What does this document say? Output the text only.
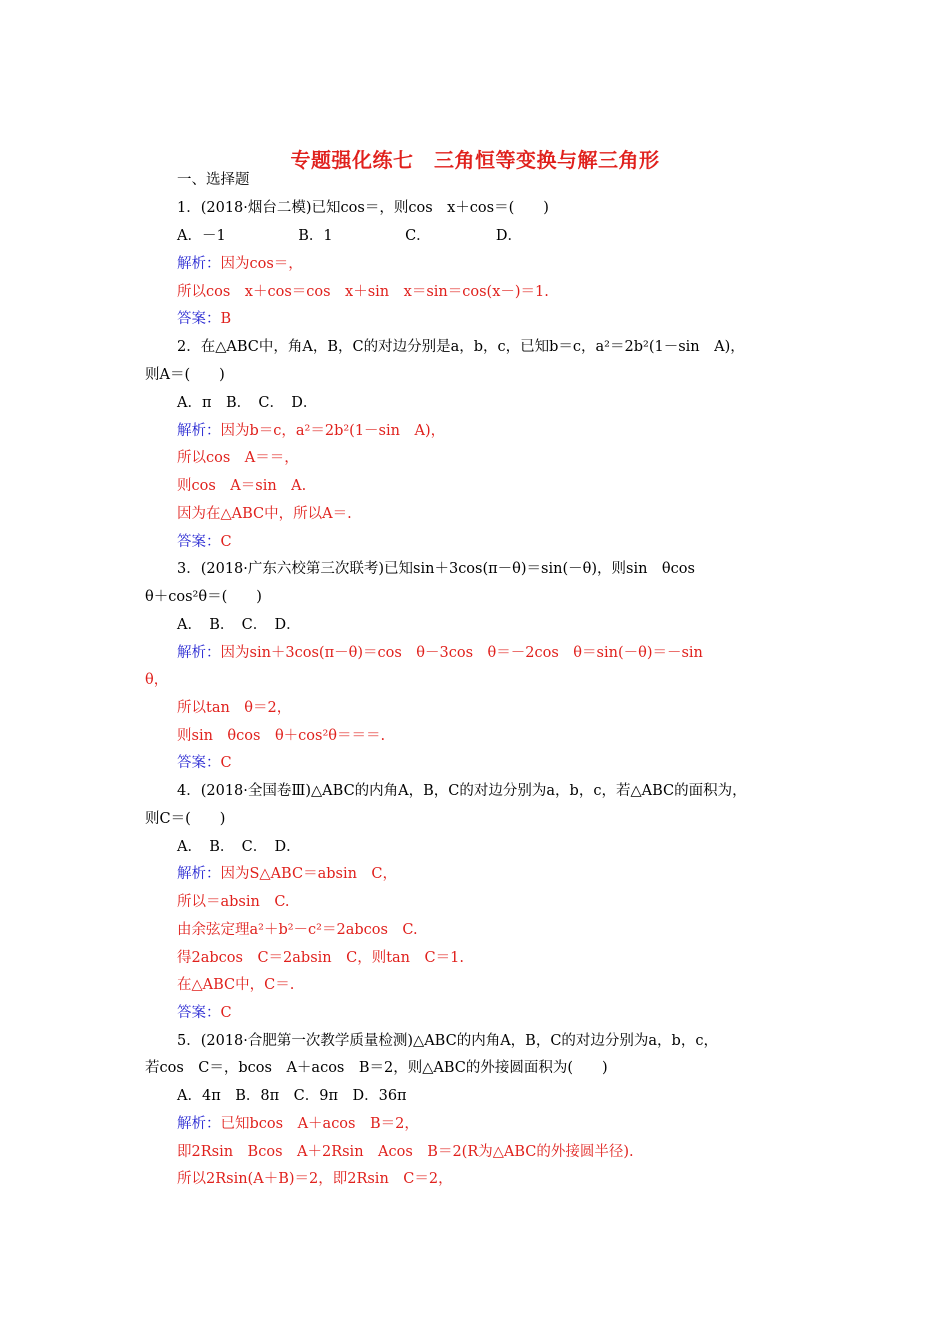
专题强化练七　三角恒等变换与解三角形
一、选择题
1．(2018·烟台二模)已知cos＝，则cos　x＋cos＝(　　)
A．－1　　　　　B．1　　　　　C．　　　　　D．
解析：因为cos＝，
所以cos　x＋cos＝cos　x＋sin　x＝sin＝cos(x－)＝1.
答案：B
2．在△ABC中，角A，B，C的对边分别是a，b，c，已知b＝c，a²＝2b²(1－sin　A)，
则A＝(　　)
A．π　B．　C．　D．
解析：因为b＝c，a²＝2b²(1－sin　A)，
所以cos　A＝＝，
则cos　A＝sin　A.
因为在△ABC中，所以A＝.
答案：C
3．(2018·广东六校第三次联考)已知sin＋3cos(π－θ)＝sin(－θ)，则sin　θcos
θ＋cos²θ＝(　　)
A．　B．　C．　D．
解析：因为sin＋3cos(π－θ)＝cos　θ－3cos　θ＝－2cos　θ＝sin(－θ)＝－sin
θ，
所以tan　θ＝2，
则sin　θcos　θ＋cos²θ＝＝＝.
答案：C
4．(2018·全国卷Ⅲ)△ABC的内角A，B，C的对边分别为a，b，c，若△ABC的面积为，
则C＝(　　)
A．　B．　C．　D．
解析：因为S△ABC＝absin　C，
所以＝absin　C.
由余弦定理a²＋b²－c²＝2abcos　C.
得2abcos　C＝2absin　C，则tan　C＝1.
在△ABC中，C＝.
答案：C
5．(2018·合肥第一次教学质量检测)△ABC的内角A，B，C的对边分别为a，b，c，
若cos　C＝，bcos　A＋acos　B＝2，则△ABC的外接圆面积为(　　)
A．4π　B．8π　C．9π　D．36π
解析：已知bcos　A＋acos　B＝2，
即2Rsin　Bcos　A＋2Rsin　Acos　B＝2(R为△ABC的外接圆半径).
所以2Rsin(A＋B)＝2，即2Rsin　C＝2，
